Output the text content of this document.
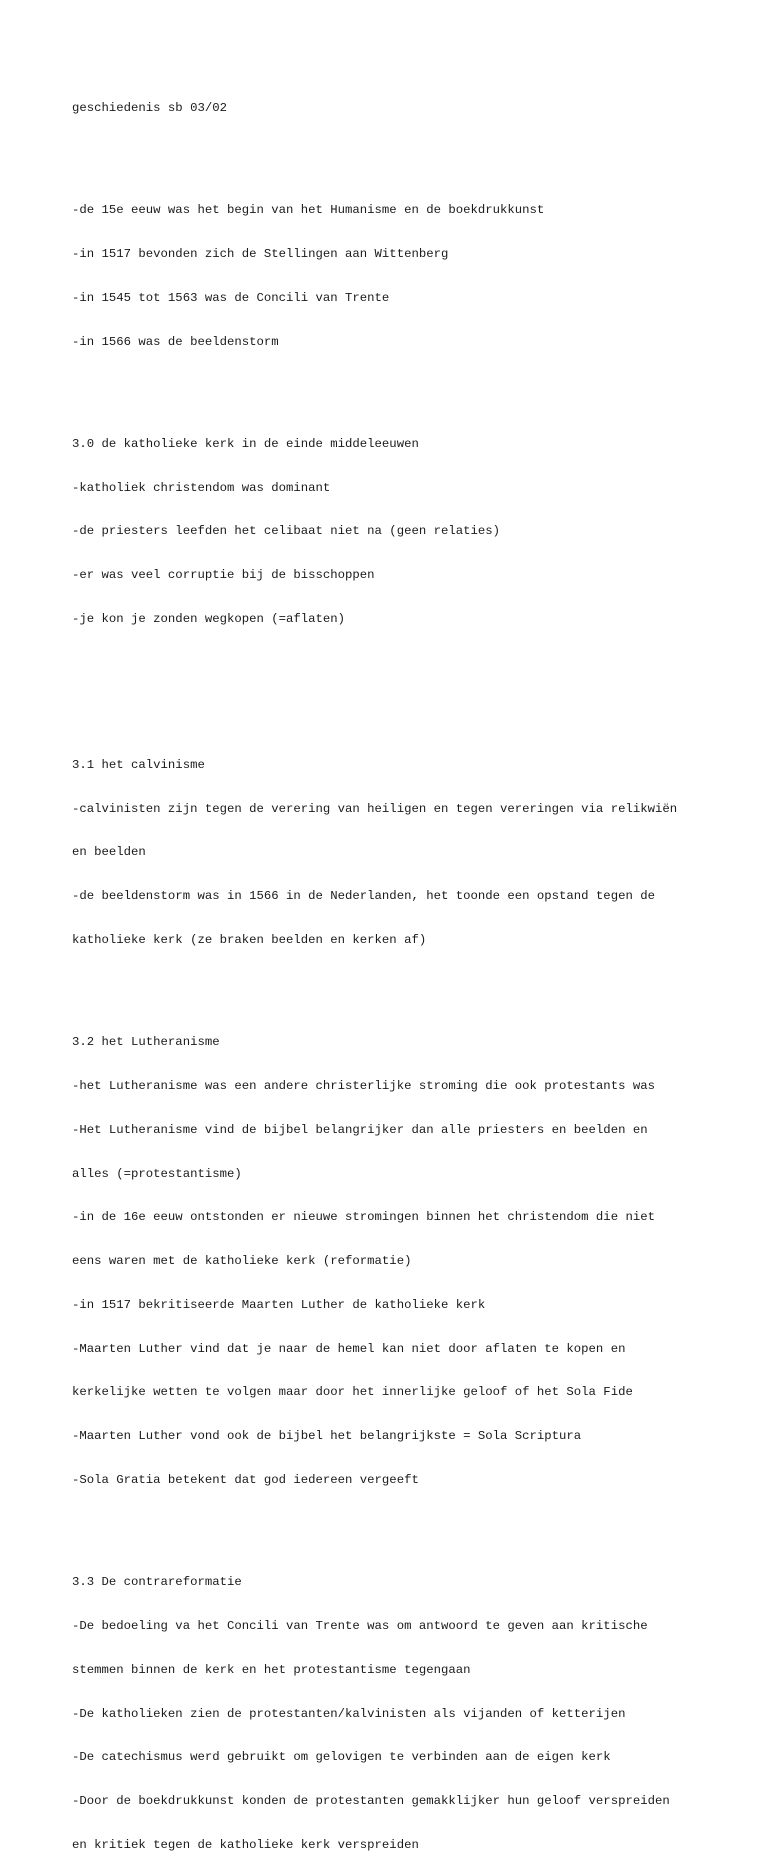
geschiedenis sb 03/02

-de 15e eeuw was het begin van het Humanisme en de boekdrukkunst

-in 1517 bevonden zich de Stellingen aan Wittenberg

-in 1545 tot 1563 was de Concili van Trente

-in 1566 was de beeldenstorm

3.0 de katholieke kerk in de einde middeleeuwen

-katholiek christendom was dominant

-de priesters leefden het celibaat niet na (geen relaties)

-er was veel corruptie bij de bisschoppen

-je kon je zonden wegkopen (=aflaten)

3.1 het calvinisme

-calvinisten zijn tegen de verering van heiligen en tegen vereringen via relikwiën

en beelden

-de beeldenstorm was in 1566 in de Nederlanden, het toonde een opstand tegen de

katholieke kerk (ze braken beelden en kerken af)

3.2 het Lutheranisme

-het Lutheranisme was een andere christerlijke stroming die ook protestants was

-Het Lutheranisme vind de bijbel belangrijker dan alle priesters en beelden en

alles (=protestantisme)

-in de 16e eeuw ontstonden er nieuwe stromingen binnen het christendom die niet

eens waren met de katholieke kerk (reformatie)

-in 1517 bekritiseerde Maarten Luther de katholieke kerk

-Maarten Luther vind dat je naar de hemel kan niet door aflaten te kopen en

kerkelijke wetten te volgen maar door het innerlijke geloof of het Sola Fide

-Maarten Luther vond ook de bijbel het belangrijkste = Sola Scriptura

-Sola Gratia betekent dat god iedereen vergeeft

3.3 De contrareformatie

-De bedoeling va het Concili van Trente was om antwoord te geven aan kritische

stemmen binnen de kerk en het protestantisme tegengaan

-De katholieken zien de protestanten/kalvinisten als vijanden of ketterijen

-De catechismus werd gebruikt om gelovigen te verbinden aan de eigen kerk

-Door de boekdrukkunst konden de protestanten gemakklijker hun geloof verspreiden

en kritiek tegen de katholieke kerk verspreiden
